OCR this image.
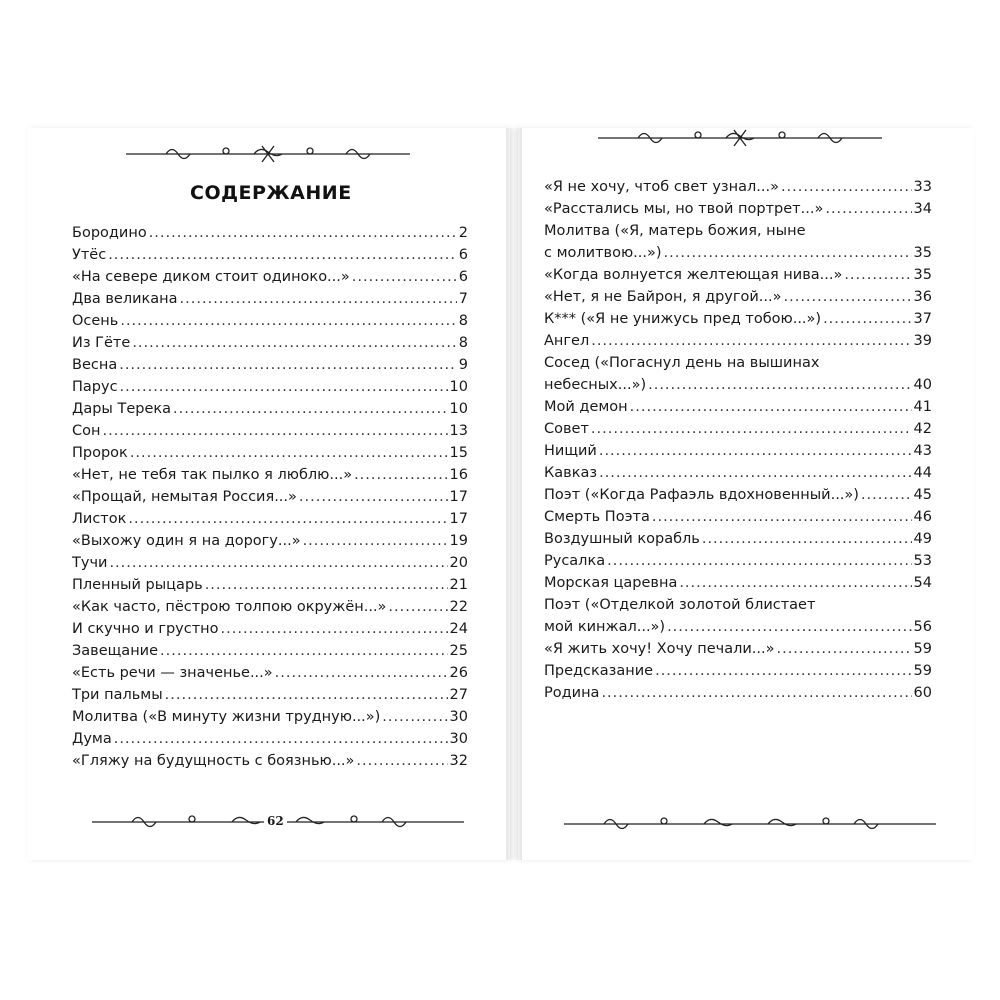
62
СОДЕРЖАНИЕ
Бородино .....	2
Утёс .....	6
«На севере диком стоит одиноко...» .....	6
Два великана .....	7
Осень .....	8
Из Гёте .....	8
Весна .....	9
Парус .....	10
Дары Терека .....	10
Сон .....	13
Пророк .....	15
«Нет, не тебя так пылко я люблю...» .....	16
«Прощай, немытая Россия...» .....	17
Листок .....	17
«Выхожу один я на дорогу...» .....	19
Тучи .....	20
Пленный рыцарь .....	21
«Как часто, пёстрою толпою окружён...» .....	22
И скучно и грустно .....	24
Завещание .....	25
«Есть речи — значенье...» .....	26
Три пальмы .....	27
Молитва («В минуту жизни трудную...») .....	30
Дума .....	30
«Гляжу на будущность с боязнью...» .....	32
«Я не хочу, чтоб свет узнал...» .....	33
«Расстались мы, но твой портрет...» .....	34
Молитва («Я, матерь божия, ныне
с молитвою...») .....	35
«Когда волнуется желтеющая нива...» .....	35
«Нет, я не Байрон, я другой...» .....	36
К*** («Я не унижусь пред тобою...») .....	37
Ангел .....	39
Сосед («Погаснул день на вышинах
небесных...») .....	40
Мой демон .....	41
Совет .....	42
Нищий .....	43
Кавказ .....	44
Поэт («Когда Рафаэль вдохновенный...») .....	45
Смерть Поэта .....	46
Воздушный корабль .....	49
Русалка .....	53
Морская царевна .....	54
Поэт («Отделкой золотой блистает
мой кинжал...») .....	56
«Я жить хочу! Хочу печали...» .....	59
Предсказание .....	59
Родина .....	60
